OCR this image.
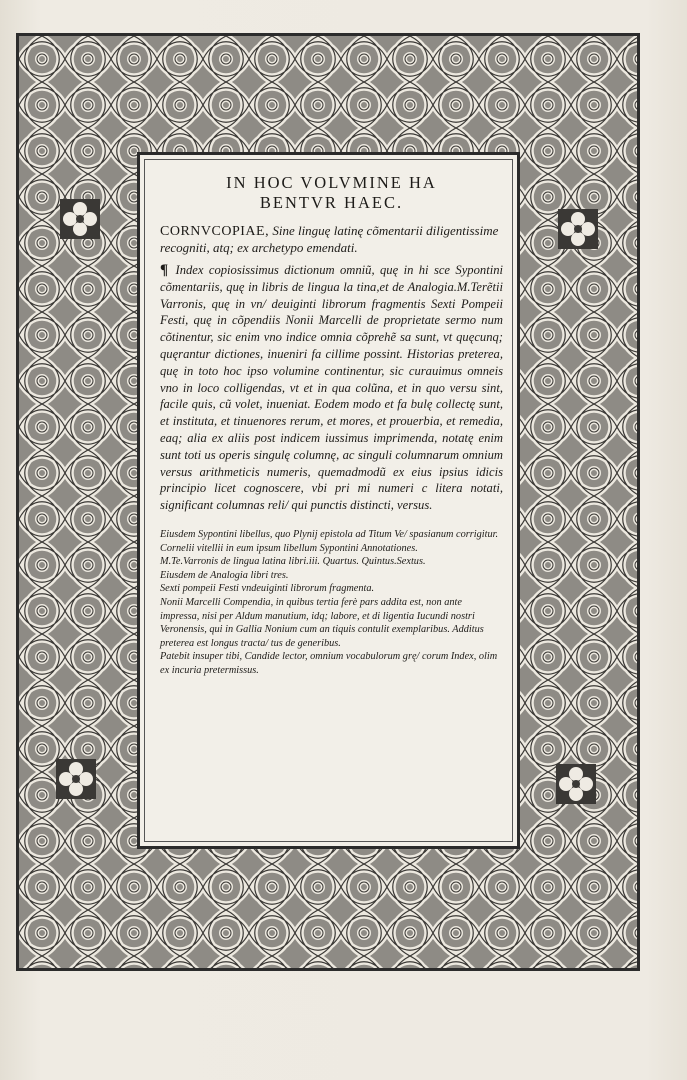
IN HOC VOLVMINE HA
BENTVR HAEC.
CORNVCOPIAE, Sine linguę latinę cõmentarii diligentissime recogniti, atq; ex archetypo emendati.
¶ Index copiosissimus dictionum omniũ, quę in hi sce Sypontini cõmentariis, quę in libris de lingua la tina,et de Analogia.M.Terẽtii Varronis, quę in vn/ deuiginti librorum fragmentis Sexti Pompeii Festi, quę in cõpendiis Nonii Marcelli de proprietate sermo num cõtinentur, sic enim vno indice omnia cõprehẽ sa sunt, vt quęcunq; quęrantur dictiones, inueniri fa cillime possint. Historias preterea, quę in toto hoc ipso volumine continentur, sic curauimus omneis vno in loco colligendas, vt et in qua colũna, et in quo versu sint, facile quis, cũ volet, inueniat. Eodem modo et fa bulę collectę sunt, et instituta, et tinuenores rerum, et mores, et prouerbia, et remedia, eaq; alia ex aliis post indicem iussimus imprimenda, notatę enim sunt toti us operis singulę columnę, ac singuli columnarum omnium versus arithmeticis numeris, quemadmodũ ex eius ipsius idicis principio licet cognoscere, vbi pri mi numeri c litera notati, significant columnas reli/ qui punctis distincti, versus.

Eiusdem Sypontini libellus, quo Plynij epistola ad Titum Ve/ spasianum corrigitur.

Cornelii vitellii in eum ipsum libellum Sypontini Annotationes.

M.Te.Varronis de lingua latina libri.iii. Quartus. Quintus.Sextus.

Eiusdem de Analogia libri tres.

Sexti pompeii Festi vndeuiginti librorum fragmenta.

Nonii Marcelli Compendia, in quibus tertia ferè pars addita est, non ante impressa, nisi per Aldum manutium, idq; labore, et di ligentia Iucundi nostri Veronensis, qui in Gallia Nonium cum an tiquis contulit exemplaribus. Additus preterea est longus tracta/ tus de generibus.

Patebit insuper tibi, Candide lector, omnium vocabulorum grę/ corum Index, olim ex incuria pretermissus.
